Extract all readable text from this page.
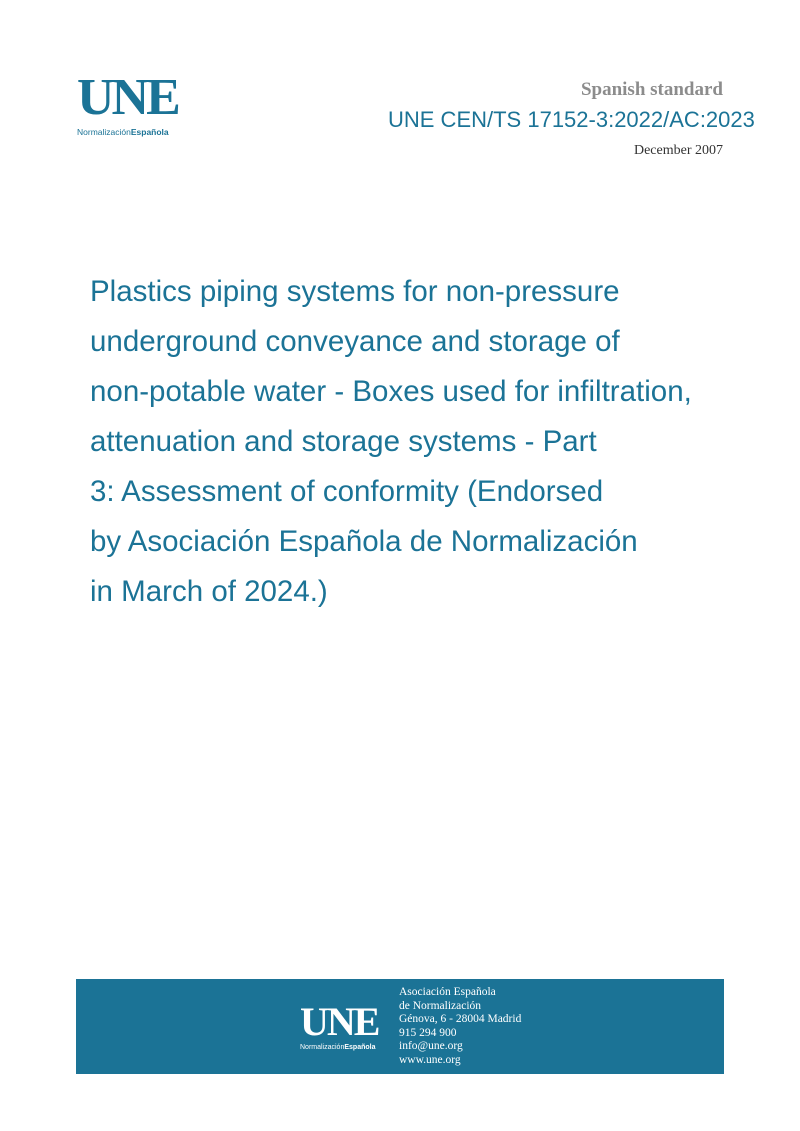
UNE
NormalizaciónEspañola
Spanish standard
UNE CEN/TS 17152-3:2022/AC:2023
December 2007
Plastics piping systems for non-pressure
underground conveyance and storage of
non-potable water - Boxes used for infiltration,
attenuation and storage systems - Part
3: Assessment of conformity (Endorsed
by Asociación Española de Normalización
in March of 2024.)
UNE
NormalizaciónEspañola
Asociación Española
de Normalización
Génova, 6 - 28004 Madrid
915 294 900
info@une.org
www.une.org
